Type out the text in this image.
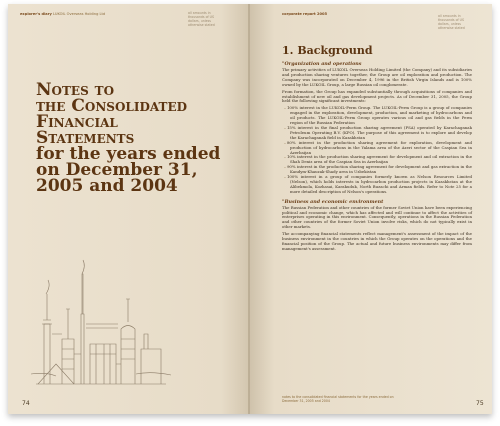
explorer's diary LUKOIL Overseas Holding Ltd	all amounts in thousands of US dollars, unless otherwise stated
Notes to
the Consolidated
Financial
Statements
for the years ended
on December 31,
2005 and 2004
74
corporate report 2005	all amounts in thousands of US dollars, unless otherwise stated
1. Background
"Organization and operations

The primary activities of LUKOIL Overseas Holding Limited (the Company) and its subsidiaries and production sharing ventures together, the Group are oil exploration and production. The Company was incorporated on December 4, 1996 in the British Virgin Islands and is 100% owned by the LUKOIL Group, a large Russian oil conglomerate.

From formation, the Group has expanded substantially through acquisitions of companies and establishment of new oil and gas development projects. As of December 31, 2005, the Group held the following significant investments:

–100% interest in the LUKOIL-Perm Group. The LUKOIL-Perm Group is a group of companies engaged in the exploration, development, production, and marketing of hydrocarbons and oil products. The LUKOIL-Perm Group operates various oil and gas fields in the Perm region of the Russian Federation
–15% interest in the final production sharing agreement (PSA) operated by Karachaganak Petroleum Operating B.V. (KPO). The purpose of this agreement is to explore and develop the Karachaganak field in Kazakhstan
–80% interest in the production sharing agreement for exploration, development and production of hydrocarbons in the Yalama area of the Azeri sector of the Caspian Sea in Azerbaijan
–10% interest in the production sharing agreement for development and oil extraction in the Shah Deniz area of the Caspian Sea in Azerbaijan
–90% interest in the production sharing agreement for development and gas extraction in the Kandym-Khauzak-Shady area in Uzbekistan
–100% interest in a group of companies formerly known as Nelson Resources Limited (Nelson), which holds interests in hydrocarbon production projects in Kazakhstan at the Alibekmola, Kozhasai, Karakuduk, North Buzachi and Arman fields. Refer to Note 25 for a more detailed description of Nelson's operations.
"Business and economic environment

The Russian Federation and other countries of the former Soviet Union have been experiencing political and economic change, which has affected and will continue to affect the activities of enterprises operating in this environment. Consequently, operations in the Russian Federation and other countries of the former Soviet Union involve risks, which do not typically exist in other markets.

The accompanying financial statements reflect management's assessment of the impact of the business environment in the countries in which the Group operates on the operations and the financial position of the Group. The actual and future business environments may differ from management's assessment.

notes to the consolidated financial statements for the years ended on December 31, 2005 and 2004	75
